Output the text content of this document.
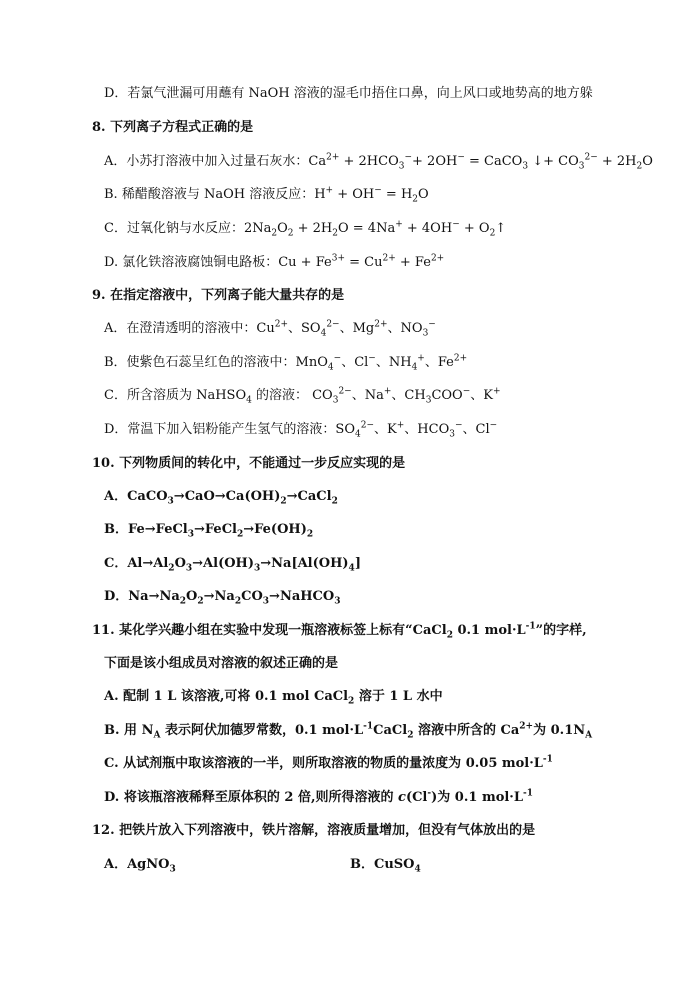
D．若氯气泄漏可用蘸有 NaOH 溶液的湿毛巾捂住口鼻，向上风口或地势高的地方躲
8. 下列离子方程式正确的是
A．小苏打溶液中加入过量石灰水：$Ca^{2+} + 2HCO_3^-+ 2OH^-$ = CaCO$_3$ ↓+ $CO_3^{2-} + 2H_2O$
B. 稀醋酸溶液与 NaOH 溶液反应：$H^+ + OH^- = H_2O$
C．过氧化钠与水反应：$2Na_2O_2 + 2H_2O = 4Na^+ + 4OH^-$ + $O_2↑$
D. 氯化铁溶液腐蚀铜电路板：$Cu + Fe^{3+} = Cu^{2+} + Fe^{2+}$
9. 在指定溶液中，下列离子能大量共存的是
A．在澄清透明的溶液中：$Cu^{2+}$、$SO_4^{2-}$、$Mg^{2+}$、$NO_3^-$
B．使紫色石蕊呈红色的溶液中：MnO$_4$−、Cl−、$NH_4^+$、$Fe^{2+}$
C．所含溶质为 NaHSO$_4$ 的溶液： $CO_3^{2-}$、Na+、$CH_3COO^-$、K+
D．常温下加入铝粉能产生氢气的溶液：$SO_4^{2-}$、K+、$HCO_3^-$、Cl−
10. 下列物质间的转化中，不能通过一步反应实现的是
A．$CaCO_3\to CaO\to Ca(OH)_2\to CaCl_2$
B．$Fe\to FeCl_3\to FeCl_2\to Fe(OH)_2$
C．$Al\to Al_2O_3\to Al(OH)_3\to Na[Al(OH)_4]$
D．$Na\to Na_2O_2\to Na_2CO_3\to NaHCO_3$
11. 某化学兴趣小组在实验中发现一瓶溶液标签上标有“CaCl$_2$ 0.1 $mol\cdot L^{-1}$”的字样,
下面是该小组成员对溶液的叙述正确的是
A. 配制 1 L 该溶液,可将 0.1 mol CaCl$_2$ 溶于 1 L 水中
B. 用 $N_A$ 表示阿伏加德罗常数，0.1 $mol\cdot L^{-1}CaCl_2$ 溶液中所含的 $Ca^{2+}$为 $0.1N_A$
C. 从试剂瓶中取该溶液的一半，则所取溶液的物质的量浓度为 0.05 $mol\cdot L^{-1}$
D. 将该瓶溶液稀释至原体积的 2 倍,则所得溶液的 c(Cl-)为 0.1 $mol\cdot L^{-1}$
12. 把铁片放入下列溶液中，铁片溶解，溶液质量增加，但没有气体放出的是
A．AgNO$_3$	B．CuSO$_4$
